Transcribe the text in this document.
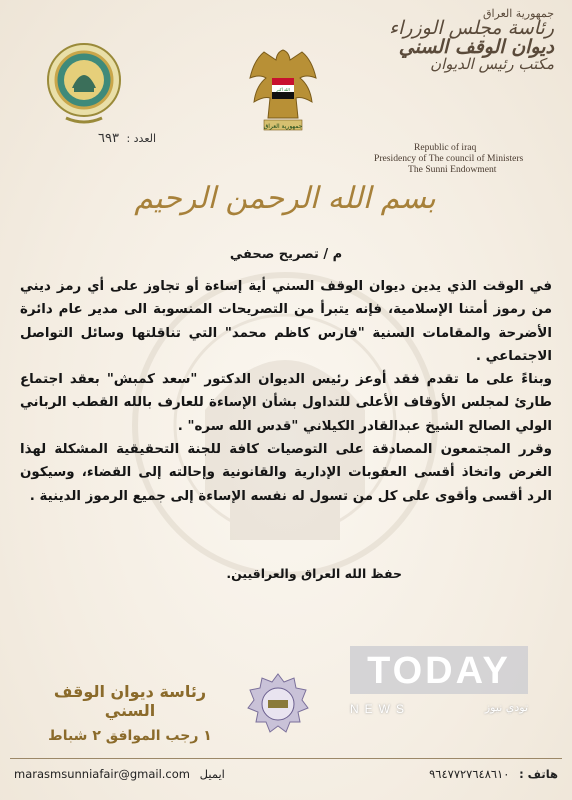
العدد : ٦٩٣
الله أكبر
جمهورية العراق
جمهورية العراق
رئاسة مجلس الوزراء
ديوان الوقف السني
مكتب رئيس الديوان
Republic of iraq
Presidency of The council of Ministers
The Sunni Endowment
بسم الله الرحمن الرحيم
م / تصريح صحفي

في الوقت الذي يدين ديوان الوقف السني أية إساءة أو تجاوز على أي رمز ديني من رموز أمتنا الإسلامية، فإنه يتبرأ من التصريحات المنسوبة الى مدير عام دائرة الأضرحة والمقامات السنية "فارس كاظم محمد" التي تناقلتها وسائل التواصل الاجتماعي .

وبناءً على ما تقدم فقد أوعز رئيس الديوان الدكتور "سعد كمبش" بعقد اجتماع طارئ لمجلس الأوقاف الأعلى للتداول بشأن الإساءة للعارف بالله القطب الرباني الولي الصالح الشيخ عبدالقادر الكيلاني "قدس الله سره" .

وقرر المجتمعون المصادقة على التوصيات كافة للجنة التحقيقية المشكلة لهذا الغرض واتخاذ أقسى العقوبات الإدارية والقانونية وإحالته إلى القضاء، وسيكون الرد أقسى وأقوى على كل من تسول له نفسه الإساءة إلى جميع الرموز الدينية .

حفظ الله العراق والعراقيين.
رئاسة ديوان الوقف السني
١ رجب الموافق ٢ شباط
TODAY
NEWS	تودي نيوز
marasmsunniafair@gmail.com ايميل	هاتف : ٩٦٤٧٧٢٧٦٤٨٦١٠
